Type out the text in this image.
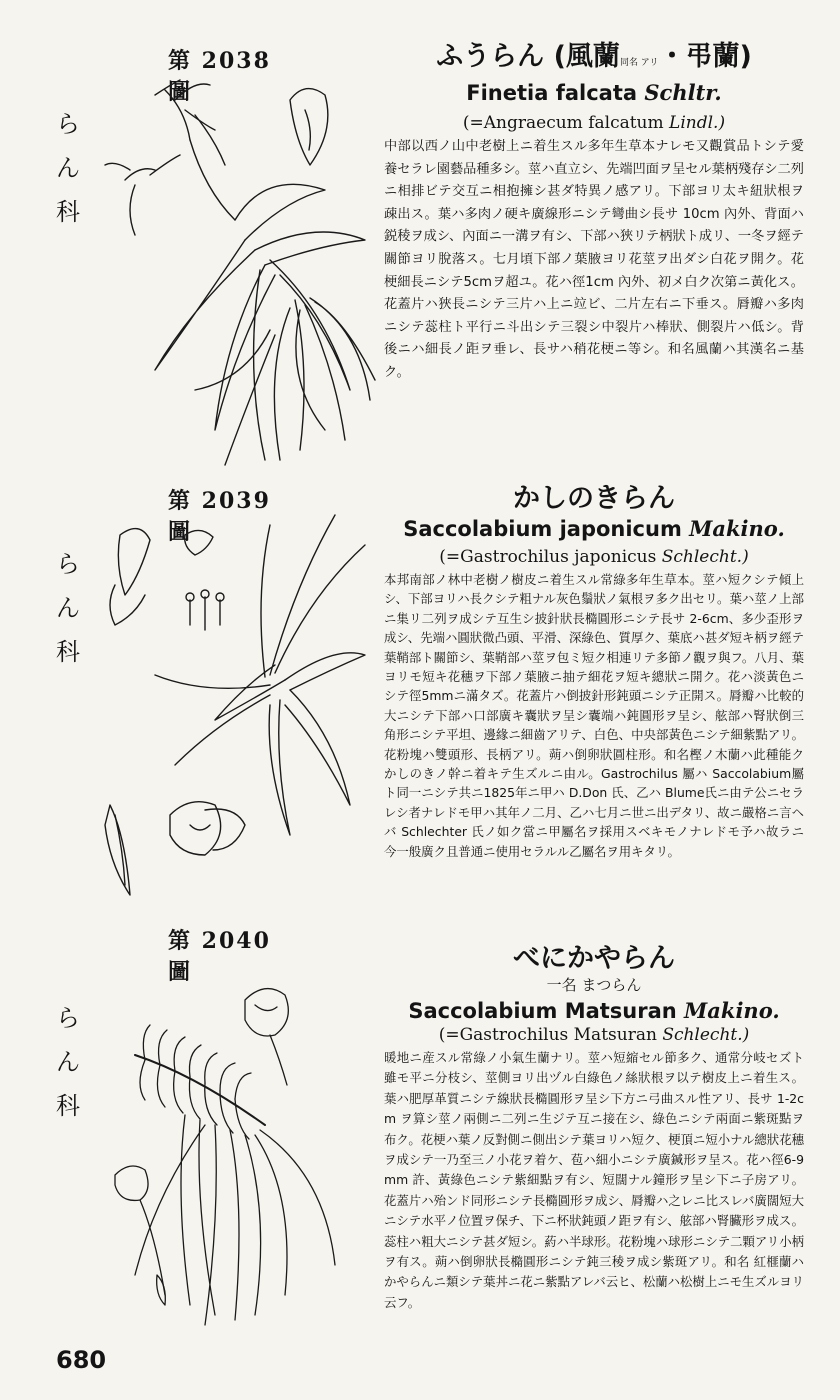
第 2038 圖
ら
ん
科
ふうらん (風蘭同名 アリ・弔蘭)
Finetia falcata Schltr.
(=Angraecum falcatum Lindl.)
中部以西ノ山中老樹上ニ着生スル多年生草本ナレモ又觀賞品トシテ愛養セラレ園藝品種多シ。莖ハ直立シ、先端凹面ヲ呈セル葉柄殘存シ二列ニ相排ビテ交互ニ相抱擁シ甚ダ特異ノ感アリ。下部ヨリ太キ紐狀根ヲ疎出ス。葉ハ多肉ノ硬キ廣線形ニシテ彎曲シ長サ 10cm 內外、背面ハ鋭稜ヲ成シ、內面ニ一溝ヲ有シ、下部ハ狹リテ柄狀ト成リ、一冬ヲ經テ關節ヨリ脫落ス。七月頃下部ノ葉腋ヨリ花莖ヲ出ダシ白花ヲ開ク。花梗細長ニシテ5cmヲ超ユ。花ハ徑1cm 內外、初メ白ク次第ニ黃化ス。花蓋片ハ狹長ニシテ三片ハ上ニ竝ビ、二片左右ニ下垂ス。脣瓣ハ多肉ニシテ蕊柱ト平行ニ斗出シテ三裂シ中裂片ハ棒狀、側裂片ハ低シ。背後ニハ細長ノ距ヲ垂レ、長サハ稍花梗ニ等シ。和名風蘭ハ其漢名ニ基ク。
第 2039 圖
ら
ん
科
かしのきらん
Saccolabium japonicum Makino.
(=Gastrochilus japonicus Schlecht.)
本邦南部ノ林中老樹ノ樹皮ニ着生スル常綠多年生草本。莖ハ短クシテ傾上シ、下部ヨリハ長クシテ粗ナル灰色鬚狀ノ氣根ヲ多ク出セリ。葉ハ莖ノ上部ニ集リ二列ヲ成シテ互生シ披針狀長橢圓形ニシテ長サ 2-6cm、多少歪形ヲ成シ、先端ハ圓狀微凸頭、平滑、深綠色、質厚ク、葉底ハ甚ダ短キ柄ヲ經テ葉鞘部ト關節シ、葉鞘部ハ莖ヲ包ミ短ク相連リテ多節ノ觀ヲ與フ。八月、葉ヨリモ短キ花穗ヲ下部ノ葉腋ニ抽テ細花ヲ短キ總狀ニ開ク。花ハ淡黃色ニシテ徑5mmニ滿タズ。花蓋片ハ倒披針形鈍頭ニシテ正開ス。脣瓣ハ比較的大ニシテ下部ハ口部廣キ囊狀ヲ呈シ囊端ハ鈍圓形ヲ呈シ、舷部ハ腎狀倒三角形ニシテ平坦、邊緣ニ細齒アリテ、白色、中央部黃色ニシテ細紫點アリ。花粉塊ハ雙頭形、長柄アリ。蒴ハ倒卵狀圓柱形。和名樫ノ木蘭ハ此種能クかしのきノ幹ニ着キテ生ズルニ由ル。Gastrochilus 屬ハ Saccolabium屬ト同一ニシテ共ニ1825年ニ甲ハ D.Don 氏、乙ハ Blume氏ニ由テ公ニセラレシ者ナレドモ甲ハ其年ノ二月、乙ハ七月ニ世ニ出デタリ、故ニ嚴格ニ言ヘバ Schlechter 氏ノ如ク當ニ甲屬名ヲ採用スベキモノナレドモ予ハ故ラニ今一般廣ク且普通ニ使用セラルル乙屬名ヲ用キタリ。
第 2040 圖
ら
ん
科
べにかやらん
一名 まつらん
Saccolabium Matsuran Makino.
(=Gastrochilus Matsuran Schlecht.)
暖地ニ産スル常綠ノ小氣生蘭ナリ。莖ハ短縮セル節多ク、通常分岐セズト雖モ平ニ分枝シ、莖側ヨリ出ヅル白綠色ノ絲狀根ヲ以テ樹皮上ニ着生ス。葉ハ肥厚革質ニシテ線狀長橢圓形ヲ呈シ下方ニ弓曲スル性アリ、長サ 1-2cm ヲ算シ莖ノ兩側ニ二列ニ生ジテ互ニ接在シ、綠色ニシテ兩面ニ紫斑點ヲ布ク。花梗ハ葉ノ反對側ニ側出シテ葉ヨリハ短ク、梗頂ニ短小ナル總狀花穗ヲ成シテ一乃至三ノ小花ヲ着ケ、苞ハ細小ニシテ廣鍼形ヲ呈ス。花ハ徑6-9mm 許、黃綠色ニシテ紫細點ヲ有シ、短闊ナル鐘形ヲ呈シ下ニ子房アリ。花蓋片ハ殆ンド同形ニシテ長橢圓形ヲ成シ、脣瓣ハ之レニ比スレバ廣闊短大ニシテ水平ノ位置ヲ保チ、下ニ杯狀鈍頭ノ距ヲ有シ、舷部ハ腎臟形ヲ成ス。蕊柱ハ粗大ニシテ甚ダ短シ。葯ハ半球形。花粉塊ハ球形ニシテ二顆アリ小柄ヲ有ス。蒴ハ倒卵狀長橢圓形ニシテ鈍三稜ヲ成シ紫斑アリ。和名 紅榧蘭ハかやらんニ類シテ葉丼ニ花ニ紫點アレバ云ヒ、松蘭ハ松樹上ニモ生ズルヨリ云フ。
680
